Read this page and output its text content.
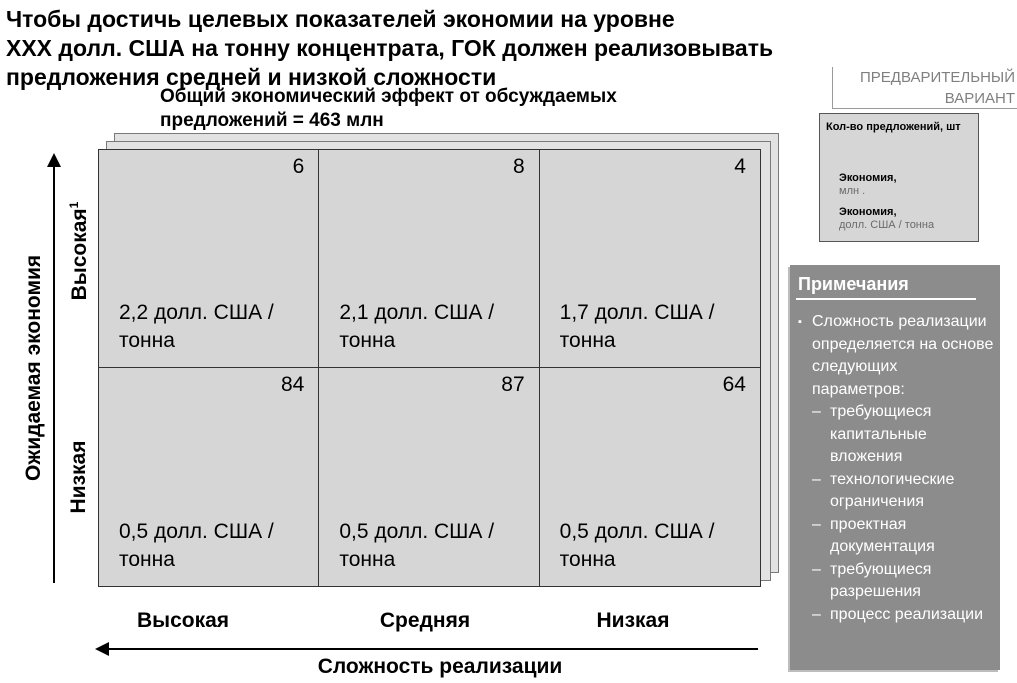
Чтобы достичь целевых показателей экономии на уровне
XXX долл. США на тонну концентрата, ГОК должен реализовывать
предложения средней и низкой сложности
Общий экономический эффект от обсуждаемых
предложений = 463 млн
ПРЕДВАРИТЕЛЬНЫЙ
ВАРИАНТ
6
2,2 долл. США /
тонна
8
2,1 долл. США /
тонна
4
1,7 долл. США /
тонна
84
0,5 долл. США /
тонна
87
0,5 долл. США /
тонна
64
0,5 долл. США /
тонна
Ожидаемая экономия
Высокая$^1$
Низкая
Высокая	Средняя	Низкая
Сложность реализации
Кол-во предложений, шт
Экономия,
млн .
Экономия,
долл. США / тонна
Примечания
▪ Сложность реализации определяется на основе следующих параметров:
– требующиеся капитальные вложения
– технологические ограничения
– проектная документация
– требующиеся разрешения
– процесс реализации
